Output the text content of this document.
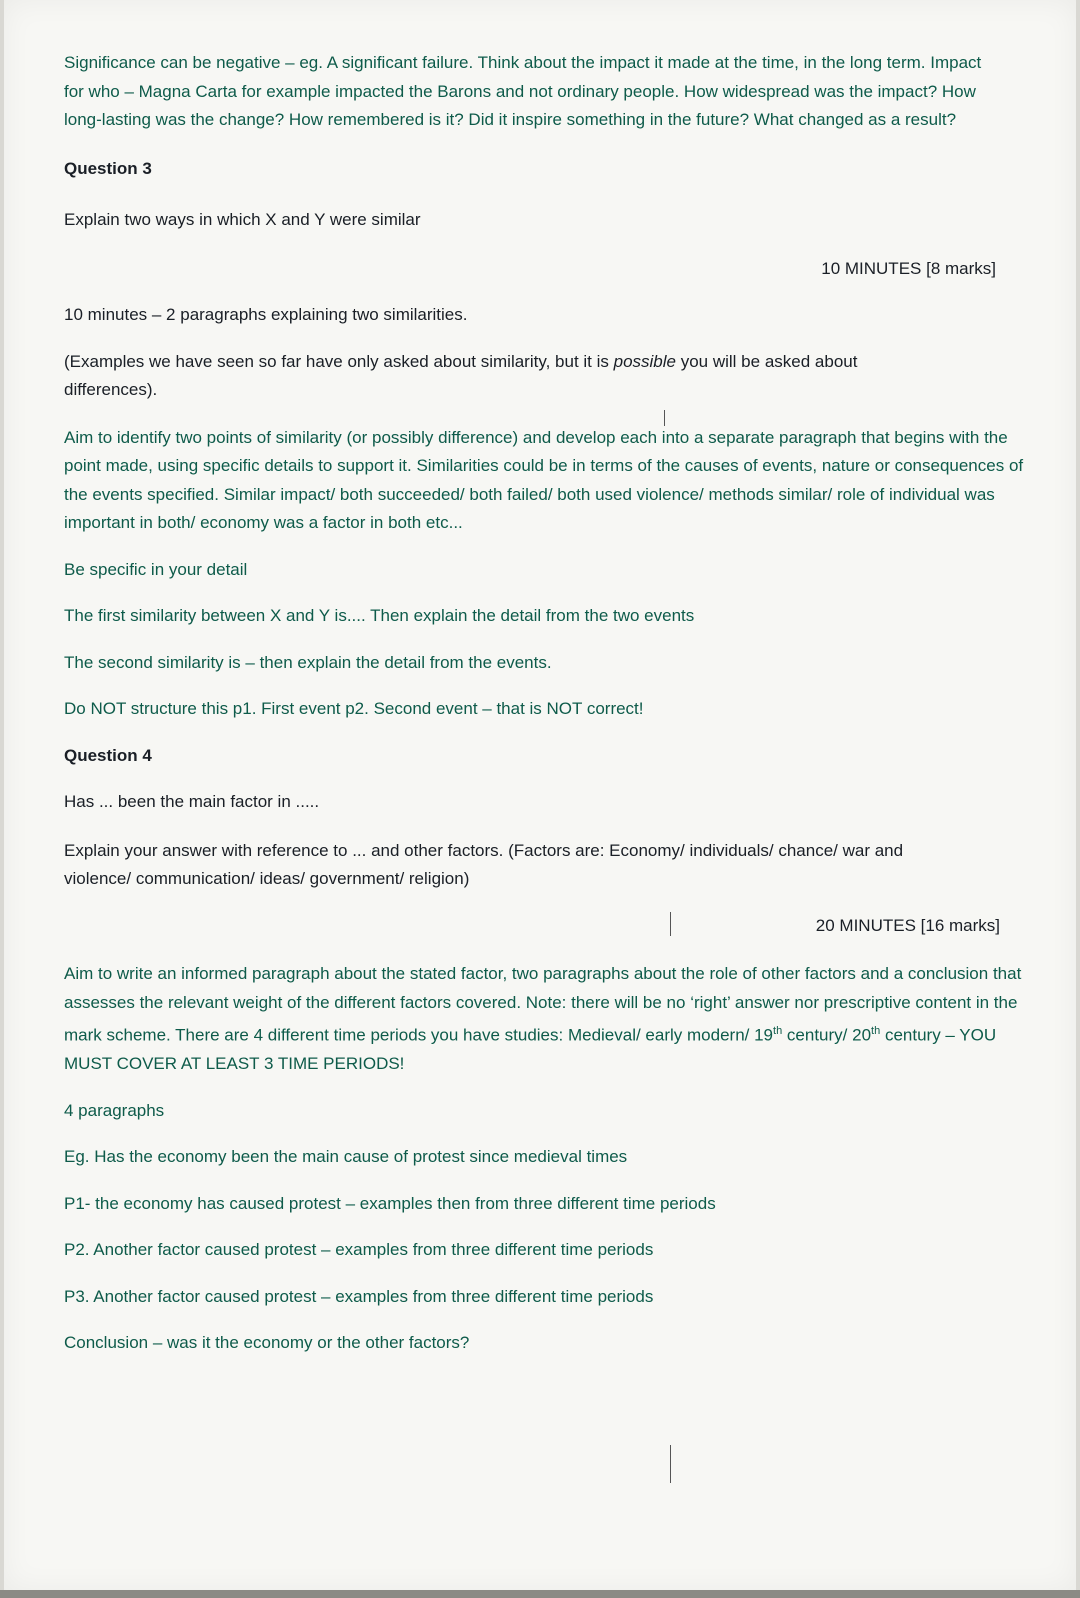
Significance can be negative – eg. A significant failure. Think about the impact it made at the time, in the long term. Impact for who – Magna Carta for example impacted the Barons and not ordinary people. How widespread was the impact? How long-lasting was the change? How remembered is it? Did it inspire something in the future? What changed as a result?

Question 3

Explain two ways in which X and Y were similar

10 MINUTES [8 marks]

10 minutes – 2 paragraphs explaining two similarities.

(Examples we have seen so far have only asked about similarity, but it is possible you will be asked about differences).

Aim to identify two points of similarity (or possibly difference) and develop each into a separate paragraph that begins with the point made, using specific details to support it. Similarities could be in terms of the causes of events, nature or consequences of the events specified. Similar impact/ both succeeded/ both failed/ both used violence/ methods similar/ role of individual was important in both/ economy was a factor in both etc...

Be specific in your detail

The first similarity between X and Y is.... Then explain the detail from the two events

The second similarity is – then explain the detail from the events.

Do NOT structure this p1. First event p2. Second event – that is NOT correct!

Question 4

Has ... been the main factor in .....

Explain your answer with reference to ... and other factors. (Factors are: Economy/ individuals/ chance/ war and violence/ communication/ ideas/ government/ religion)

20 MINUTES [16 marks]

Aim to write an informed paragraph about the stated factor, two paragraphs about the role of other factors and a conclusion that assesses the relevant weight of the different factors covered. Note: there will be no ‘right’ answer nor prescriptive content in the mark scheme. There are 4 different time periods you have studies: Medieval/ early modern/ 19th century/ 20th century – YOU MUST COVER AT LEAST 3 TIME PERIODS!

4 paragraphs

Eg. Has the economy been the main cause of protest since medieval times

P1- the economy has caused protest – examples then from three different time periods

P2. Another factor caused protest – examples from three different time periods

P3. Another factor caused protest – examples from three different time periods

Conclusion – was it the economy or the other factors?
